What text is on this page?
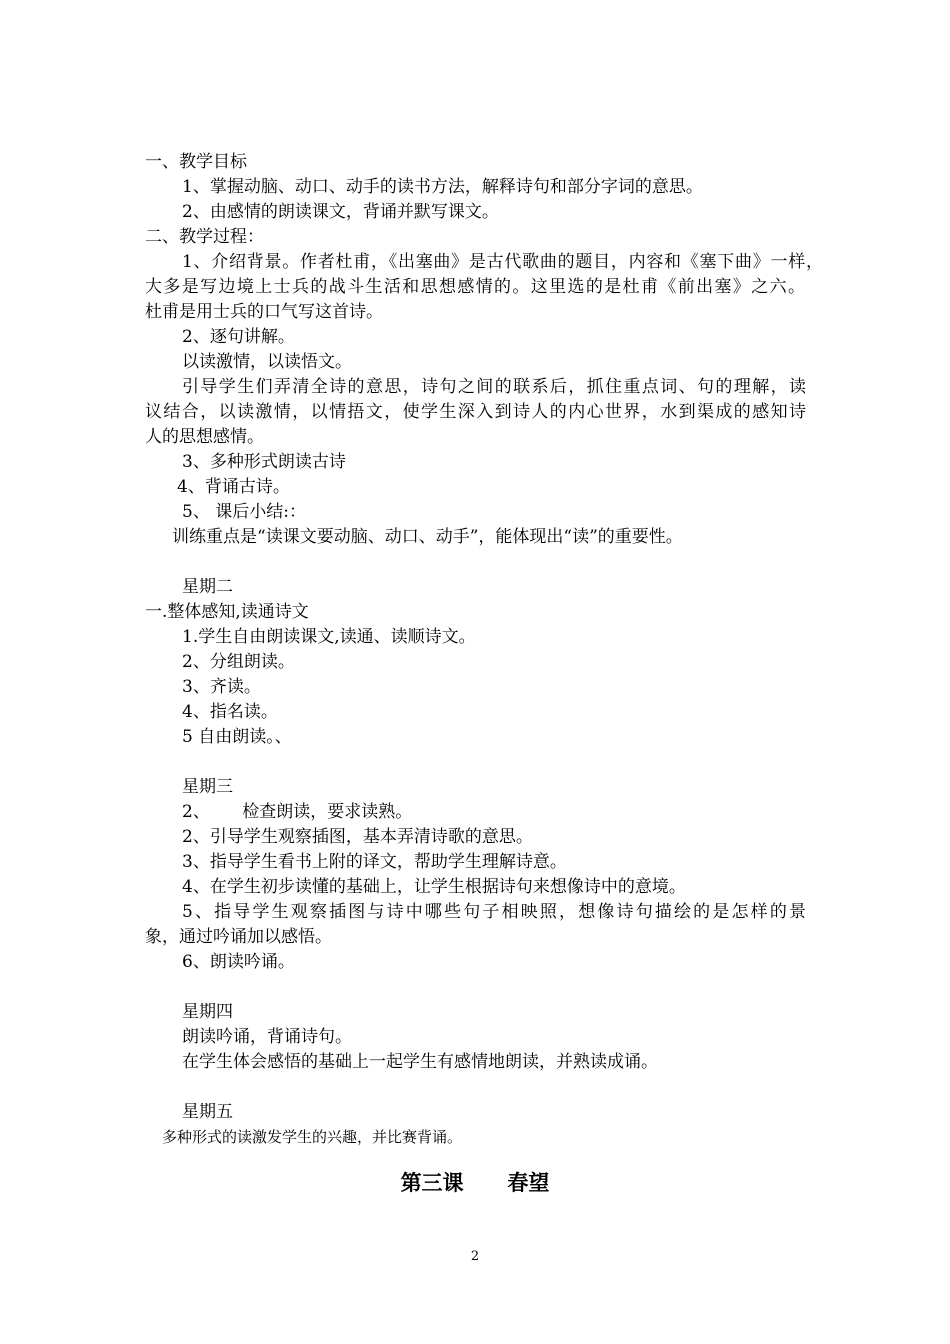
一、教学目标
1、掌握动脑、动口、动手的读书方法，解释诗句和部分字词的意思。
2、由感情的朗读课文，背诵并默写课文。
二、教学过程：
1、介绍背景。作者杜甫，《出塞曲》是古代歌曲的题目，内容和《塞下曲》一样，
大多是写边境上士兵的战斗生活和思想感情的。这里选的是杜甫《前出塞》之六。
杜甫是用士兵的口气写这首诗。
2、逐句讲解。
以读激情，以读悟文。
引导学生们弄清全诗的意思，诗句之间的联系后，抓住重点词、句的理解，读
议结合，以读激情，以情捂文，使学生深入到诗人的内心世界，水到渠成的感知诗
人的思想感情。
3、多种形式朗读古诗
4、背诵古诗。
5、 课后小结:：
训练重点是“读课文要动脑、动口、动手”，能体现出“读”的重要性。
星期二
一.整体感知,读通诗文
1.学生自由朗读课文,读通、读顺诗文。
2、分组朗读。
3、齐读。
4、指名读。
5 自由朗读。、
星期三
2、      检查朗读，要求读熟。
2、引导学生观察插图，基本弄清诗歌的意思。
3、指导学生看书上附的译文，帮助学生理解诗意。
4、在学生初步读懂的基础上，让学生根据诗句来想像诗中的意境。
5、指导学生观察插图与诗中哪些句子相映照，想像诗句描绘的是怎样的景
象，通过吟诵加以感悟。
6、朗读吟诵。
星期四
朗读吟诵，背诵诗句。
在学生体会感悟的基础上一起学生有感情地朗读，并熟读成诵。
星期五
多种形式的读激发学生的兴趣，并比赛背诵。
第三课      春望
2
